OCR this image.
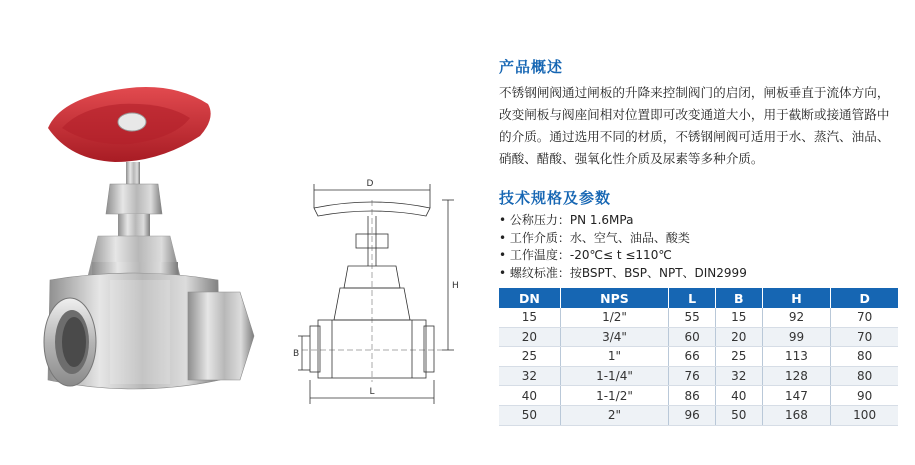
D
H
B
L
产品概述

不锈钢闸阀通过闸板的升降来控制阀门的启闭，闸板垂直于流体方向，改变闸板与阀座间相对位置即可改变通道大小，用于截断或接通管路中的介质。通过选用不同的材质，不锈钢闸阀可适用于水、蒸汽、油品、硝酸、醋酸、强氧化性介质及尿素等多种介质。

技术规格及参数
• 公称压力：PN 1.6MPa
• 工作介质：水、空气、油品、酸类
• 工作温度：-20℃≤ t ≤110℃
• 螺纹标准：按BSPT、BSP、NPT、DIN2999
DN	NPS	L	B	H	D
15	1/2"	55	15	92	70
20	3/4"	60	20	99	70
25	1"	66	25	113	80
32	1-1/4"	76	32	128	80
40	1-1/2"	86	40	147	90
50	2"	96	50	168	100
